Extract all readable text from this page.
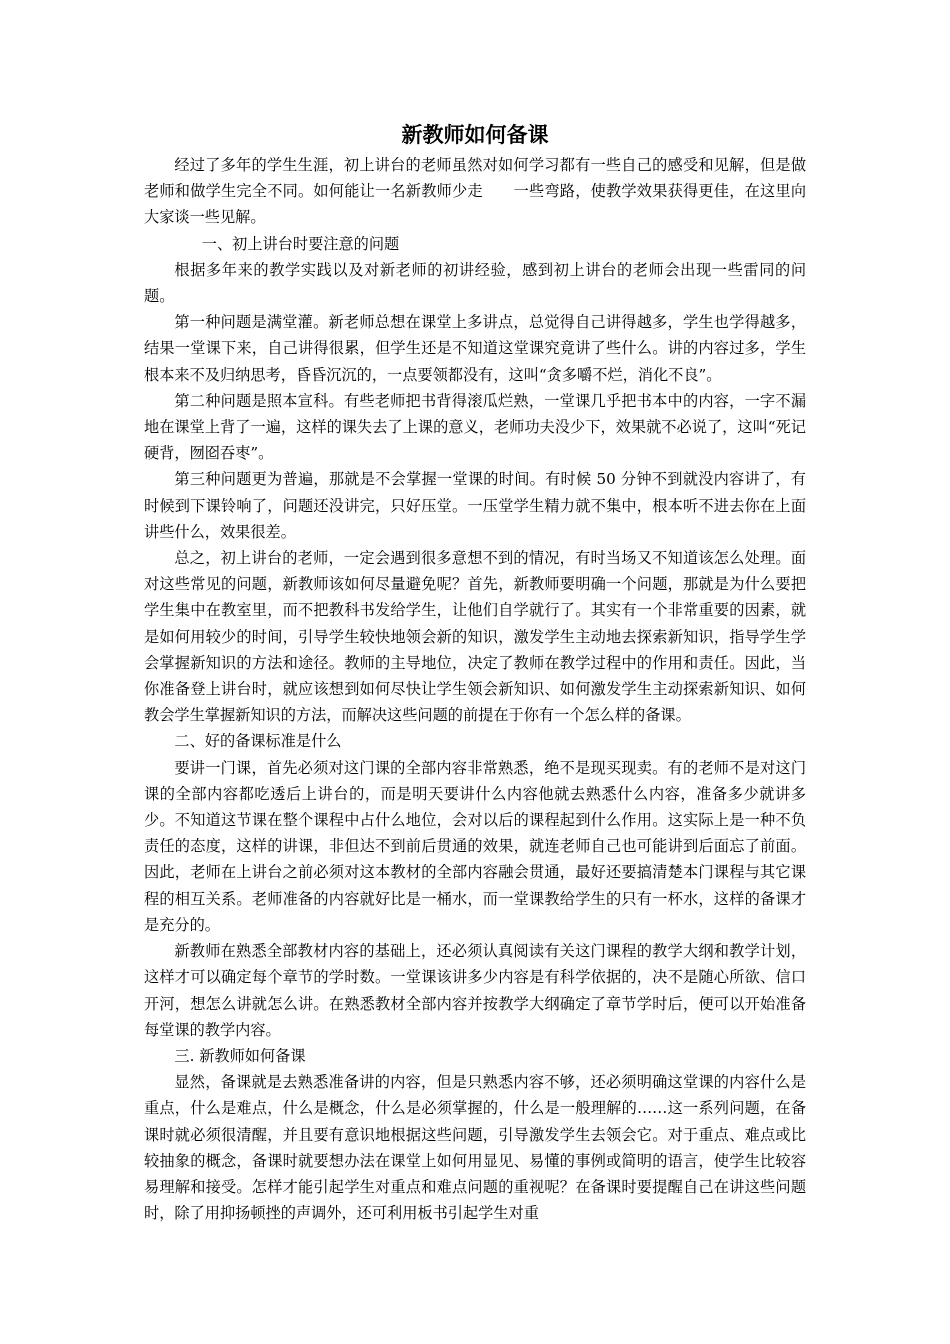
新教师如何备课

经过了多年的学生生涯，初上讲台的老师虽然对如何学习都有一些自己的感受和见解，但是做老师和做学生完全不同。如何能让一名新教师少走　　一些弯路，使教学效果获得更佳，在这里向大家谈一些见解。

一、初上讲台时要注意的问题

根据多年来的教学实践以及对新老师的初讲经验，感到初上讲台的老师会出现一些雷同的问题。

第一种问题是满堂灌。新老师总想在课堂上多讲点，总觉得自己讲得越多，学生也学得越多，结果一堂课下来，自己讲得很累，但学生还是不知道这堂课究竟讲了些什么。讲的内容过多，学生根本来不及归纳思考，昏昏沉沉的，一点要领都没有，这叫“贪多嚼不烂，消化不良”。

第二种问题是照本宣科。有些老师把书背得滚瓜烂熟，一堂课几乎把书本中的内容，一字不漏地在课堂上背了一遍，这样的课失去了上课的意义，老师功夫没少下，效果就不必说了，这叫“死记硬背，囫囵吞枣”。

第三种问题更为普遍，那就是不会掌握一堂课的时间。有时候 50 分钟不到就没内容讲了，有时候到下课铃响了，问题还没讲完，只好压堂。一压堂学生精力就不集中，根本听不进去你在上面讲些什么，效果很差。

总之，初上讲台的老师，一定会遇到很多意想不到的情况，有时当场又不知道该怎么处理。面对这些常见的问题，新教师该如何尽量避免呢？首先，新教师要明确一个问题，那就是为什么要把学生集中在教室里，而不把教科书发给学生，让他们自学就行了。其实有一个非常重要的因素，就是如何用较少的时间，引导学生较快地领会新的知识，激发学生主动地去探索新知识，指导学生学会掌握新知识的方法和途径。教师的主导地位，决定了教师在教学过程中的作用和责任。因此，当你准备登上讲台时，就应该想到如何尽快让学生领会新知识、如何激发学生主动探索新知识、如何教会学生掌握新知识的方法，而解决这些问题的前提在于你有一个怎么样的备课。

二、好的备课标准是什么

要讲一门课，首先必须对这门课的全部内容非常熟悉，绝不是现买现卖。有的老师不是对这门课的全部内容都吃透后上讲台的，而是明天要讲什么内容他就去熟悉什么内容，准备多少就讲多少。不知道这节课在整个课程中占什么地位，会对以后的课程起到什么作用。这实际上是一种不负责任的态度，这样的讲课，非但达不到前后贯通的效果，就连老师自己也可能讲到后面忘了前面。因此，老师在上讲台之前必须对这本教材的全部内容融会贯通，最好还要搞清楚本门课程与其它课程的相互关系。老师准备的内容就好比是一桶水，而一堂课教给学生的只有一杯水，这样的备课才是充分的。

新教师在熟悉全部教材内容的基础上，还必须认真阅读有关这门课程的教学大纲和教学计划，这样才可以确定每个章节的学时数。一堂课该讲多少内容是有科学依据的，决不是随心所欲、信口开河，想怎么讲就怎么讲。在熟悉教材全部内容并按教学大纲确定了章节学时后，便可以开始准备每堂课的教学内容。

三. 新教师如何备课

显然，备课就是去熟悉准备讲的内容，但是只熟悉内容不够，还必须明确这堂课的内容什么是重点，什么是难点，什么是概念，什么是必须掌握的，什么是一般理解的……这一系列问题，在备课时就必须很清醒，并且要有意识地根据这些问题，引导激发学生去领会它。对于重点、难点或比较抽象的概念，备课时就要想办法在课堂上如何用显见、易懂的事例或简明的语言，使学生比较容易理解和接受。怎样才能引起学生对重点和难点问题的重视呢？在备课时要提醒自己在讲这些问题时，除了用抑扬顿挫的声调外，还可利用板书引起学生对重
